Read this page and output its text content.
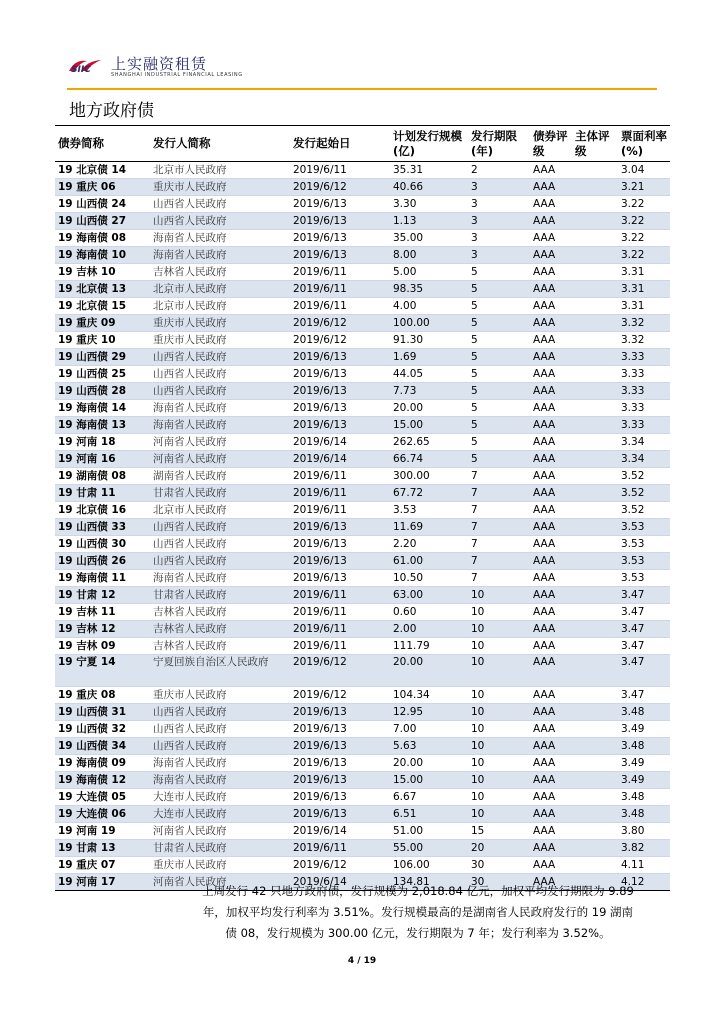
SIIC 上实融资租赁
SHANGHAI INDUSTRIAL FINANCIAL LEASING
地方政府债
债券简称	发行人简称	发行起始日	计划发行规模(亿)	发行期限(年)	债券评级	主体评级	票面利率(%)
19 北京债 14	北京市人民政府	2019/6/11	35.31	2	AAA		3.04
19 重庆 06	重庆市人民政府	2019/6/12	40.66	3	AAA		3.21
19 山西债 24	山西省人民政府	2019/6/13	3.30	3	AAA		3.22
19 山西债 27	山西省人民政府	2019/6/13	1.13	3	AAA		3.22
19 海南债 08	海南省人民政府	2019/6/13	35.00	3	AAA		3.22
19 海南债 10	海南省人民政府	2019/6/13	8.00	3	AAA		3.22
19 吉林 10	吉林省人民政府	2019/6/11	5.00	5	AAA		3.31
19 北京债 13	北京市人民政府	2019/6/11	98.35	5	AAA		3.31
19 北京债 15	北京市人民政府	2019/6/11	4.00	5	AAA		3.31
19 重庆 09	重庆市人民政府	2019/6/12	100.00	5	AAA		3.32
19 重庆 10	重庆市人民政府	2019/6/12	91.30	5	AAA		3.32
19 山西债 29	山西省人民政府	2019/6/13	1.69	5	AAA		3.33
19 山西债 25	山西省人民政府	2019/6/13	44.05	5	AAA		3.33
19 山西债 28	山西省人民政府	2019/6/13	7.73	5	AAA		3.33
19 海南债 14	海南省人民政府	2019/6/13	20.00	5	AAA		3.33
19 海南债 13	海南省人民政府	2019/6/13	15.00	5	AAA		3.33
19 河南 18	河南省人民政府	2019/6/14	262.65	5	AAA		3.34
19 河南 16	河南省人民政府	2019/6/14	66.74	5	AAA		3.34
19 湖南债 08	湖南省人民政府	2019/6/11	300.00	7	AAA		3.52
19 甘肃 11	甘肃省人民政府	2019/6/11	67.72	7	AAA		3.52
19 北京债 16	北京市人民政府	2019/6/11	3.53	7	AAA		3.52
19 山西债 33	山西省人民政府	2019/6/13	11.69	7	AAA		3.53
19 山西债 30	山西省人民政府	2019/6/13	2.20	7	AAA		3.53
19 山西债 26	山西省人民政府	2019/6/13	61.00	7	AAA		3.53
19 海南债 11	海南省人民政府	2019/6/13	10.50	7	AAA		3.53
19 甘肃 12	甘肃省人民政府	2019/6/11	63.00	10	AAA		3.47
19 吉林 11	吉林省人民政府	2019/6/11	0.60	10	AAA		3.47
19 吉林 12	吉林省人民政府	2019/6/11	2.00	10	AAA		3.47
19 吉林 09	吉林省人民政府	2019/6/11	111.79	10	AAA		3.47
19 宁夏 14	宁夏回族自治区人民政府	2019/6/12	20.00	10	AAA		3.47
19 重庆 08	重庆市人民政府	2019/6/12	104.34	10	AAA		3.47
19 山西债 31	山西省人民政府	2019/6/13	12.95	10	AAA		3.48
19 山西债 32	山西省人民政府	2019/6/13	7.00	10	AAA		3.49
19 山西债 34	山西省人民政府	2019/6/13	5.63	10	AAA		3.48
19 海南债 09	海南省人民政府	2019/6/13	20.00	10	AAA		3.49
19 海南债 12	海南省人民政府	2019/6/13	15.00	10	AAA		3.49
19 大连债 05	大连市人民政府	2019/6/13	6.67	10	AAA		3.48
19 大连债 06	大连市人民政府	2019/6/13	6.51	10	AAA		3.48
19 河南 19	河南省人民政府	2019/6/14	51.00	15	AAA		3.80
19 甘肃 13	甘肃省人民政府	2019/6/11	55.00	20	AAA		3.82
19 重庆 07	重庆市人民政府	2019/6/12	106.00	30	AAA		4.11
19 河南 17	河南省人民政府	2019/6/14	134.81	30	AAA		4.12
上周发行 42 只地方政府债，发行规模为 2,018.84 亿元，加权平均发行期限为 9.89 年，加权平均发行利率为 3.51%。发行规模最高的是湖南省人民政府发行的 19 湖南债 08，发行规模为 300.00 亿元，发行期限为 7 年；发行利率为 3.52%。
4 / 19
